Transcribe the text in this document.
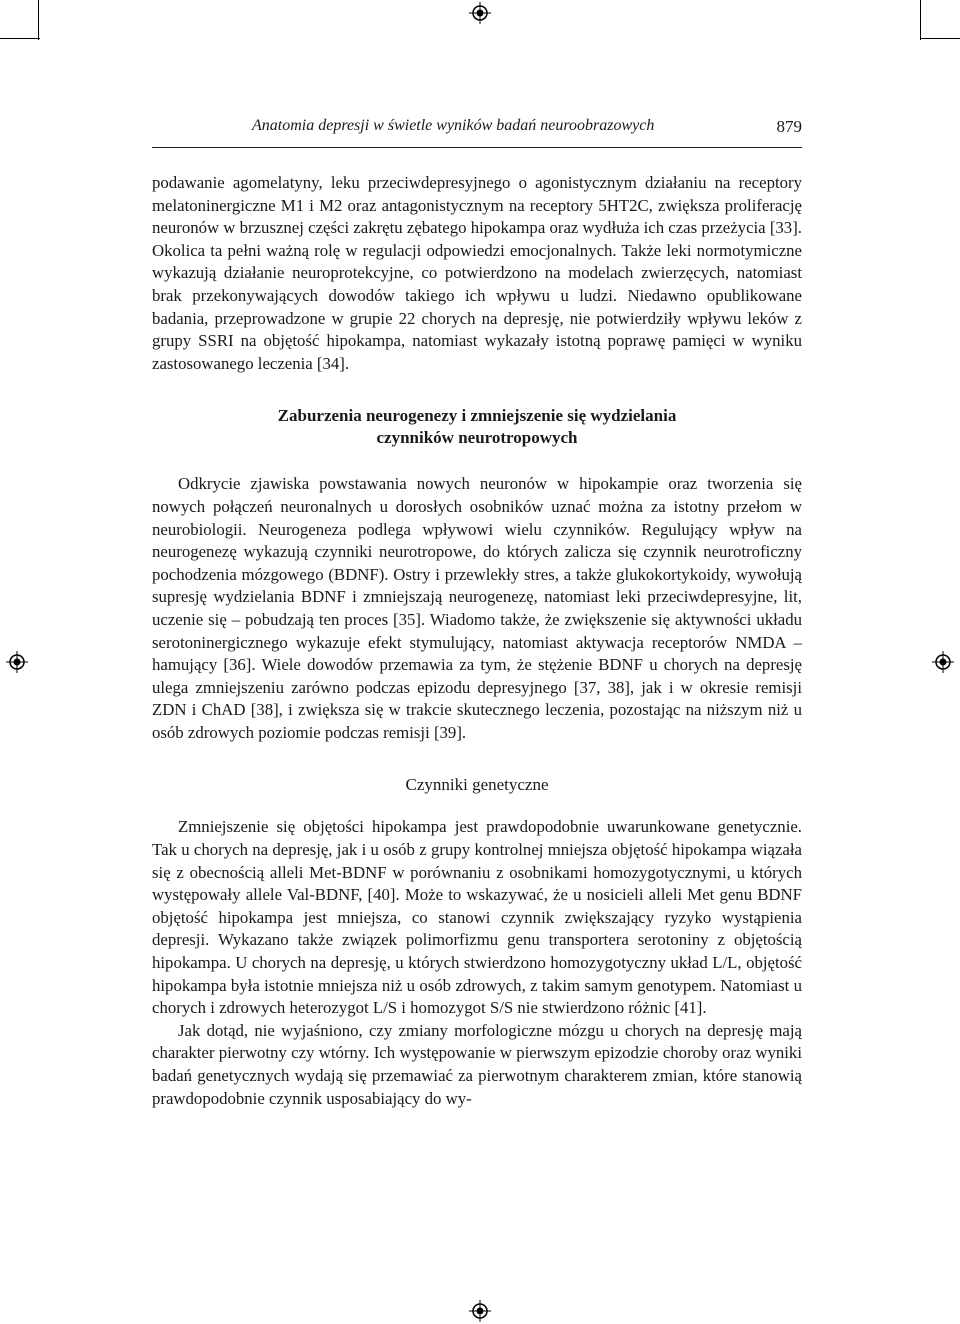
Anatomia depresji w świetle wyników badań neuroobrazowych	879

podawanie agomelatyny, leku przeciwdepresyjnego o agonistycznym działaniu na receptory melatoninergiczne M1 i M2 oraz antagonistycznym na receptory 5HT2C, zwiększa proliferację neuronów w brzusznej części zakrętu zębatego hipokampa oraz wydłuża ich czas przeżycia [33]. Okolica ta pełni ważną rolę w regulacji odpowiedzi emocjonalnych. Także leki normotymiczne wykazują działanie neuroprotekcyjne, co potwierdzono na modelach zwierzęcych, natomiast brak przekonywających dowodów takiego ich wpływu u ludzi. Niedawno opublikowane badania, przeprowadzone w grupie 22 chorych na depresję, nie potwierdziły wpływu leków z grupy SSRI na objętość hipokampa, natomiast wykazały istotną poprawę pamięci w wyniku zastosowanego leczenia [34].

Zaburzenia neurogenezy i zmniejszenie się wydzielania
czynników neurotropowych

Odkrycie zjawiska powstawania nowych neuronów w hipokampie oraz tworzenia się nowych połączeń neuronalnych u dorosłych osobników uznać można za istotny przełom w neurobiologii. Neurogeneza podlega wpływowi wielu czynników. Regulujący wpływ na neurogenezę wykazują czynniki neurotropowe, do których zalicza się czynnik neurotroficzny pochodzenia mózgowego (BDNF). Ostry i przewlekły stres, a także glukokortykoidy, wywołują supresję wydzielania BDNF i zmniejszają neurogenezę, natomiast leki przeciwdepresyjne, lit, uczenie się – pobudzają ten proces [35]. Wiadomo także, że zwiększenie się aktywności układu serotoninergicznego wykazuje efekt stymulujący, natomiast aktywacja receptorów NMDA – hamujący [36]. Wiele dowodów przemawia za tym, że stężenie BDNF u chorych na depresję ulega zmniejszeniu zarówno podczas epizodu depresyjnego [37, 38], jak i w okresie remisji ZDN i ChAD [38], i zwiększa się w trakcie skutecznego leczenia, pozostając na niższym niż u osób zdrowych poziomie podczas remisji [39].

Czynniki genetyczne

Zmniejszenie się objętości hipokampa jest prawdopodobnie uwarunkowane genetycznie. Tak u chorych na depresję, jak i u osób z grupy kontrolnej mniejsza objętość hipokampa wiązała się z obecnością alleli Met-BDNF w porównaniu z osobnikami homozygotycznymi, u których występowały allele Val-BDNF, [40]. Może to wskazywać, że u nosicieli alleli Met genu BDNF objętość hipokampa jest mniejsza, co stanowi czynnik zwiększający ryzyko wystąpienia depresji. Wykazano także związek polimorfizmu genu transportera serotoniny z objętością hipokampa. U chorych na depresję, u których stwierdzono homozygotyczny układ L/L, objętość hipokampa była istotnie mniejsza niż u osób zdrowych, z takim samym genotypem. Natomiast u chorych i zdrowych heterozygot L/S i homozygot S/S nie stwierdzono różnic [41].

Jak dotąd, nie wyjaśniono, czy zmiany morfologiczne mózgu u chorych na depresję mają charakter pierwotny czy wtórny. Ich występowanie w pierwszym epizodzie choroby oraz wyniki badań genetycznych wydają się przemawiać za pierwotnym charakterem zmian, które stanowią prawdopodobnie czynnik usposabiający do wy-
